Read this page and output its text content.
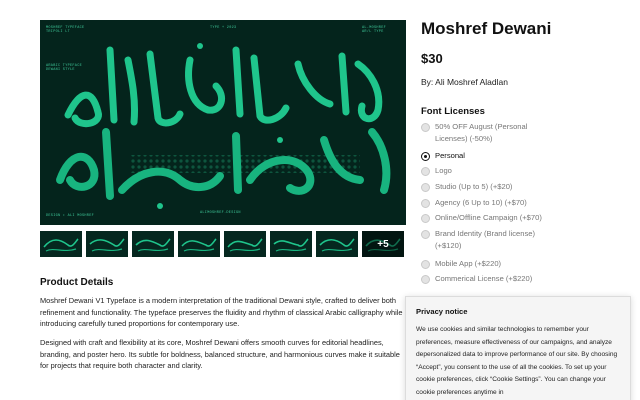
MOSHREF TYPEFACE
TRIPOLI LT
TYPE + 2023	AL-MOSHREF
AR/L TYPE
ARABIC TYPEFACE
DEWANI STYLE
DESIGN • ALI MOSHREF
ALIMOSHREF.DESIGN
+5
Moshref Dewani
$30
By: Ali Moshref Aladlan
Font Licenses
50% OFF August (Personal Licenses) (-50%)
Personal
Logo
Studio (Up to 5) (+$20)
Agency (6 Up to 10) (+$70)
Online/Offline Campaign (+$70)
Brand Identity (Brand license) (+$120)
Mobile App (+$220)
Commerical License (+$220)
Product Details
Moshref Dewani V1 Typeface is a modern interpretation of the traditional Dewani style, crafted to deliver both refinement and functionality. The typeface preserves the fluidity and rhythm of classical Arabic calligraphy while introducing carefully tuned proportions for contemporary use.
Designed with craft and flexibility at its core, Moshref Dewani offers smooth curves for editorial headlines, branding, and poster hero. Its subtle for boldness, balanced structure, and harmonious curves make it suitable for projects that require both character and clarity.
Privacy notice
We use cookies and similar technologies to remember your preferences, measure effectiveness of our campaigns, and analyze depersonalized data to improve performance of our site. By choosing “Accept”, you consent to the use of all the cookies. To set up your cookie preferences, click “Cookie Settings”. You can change your cookie preferences anytime in
